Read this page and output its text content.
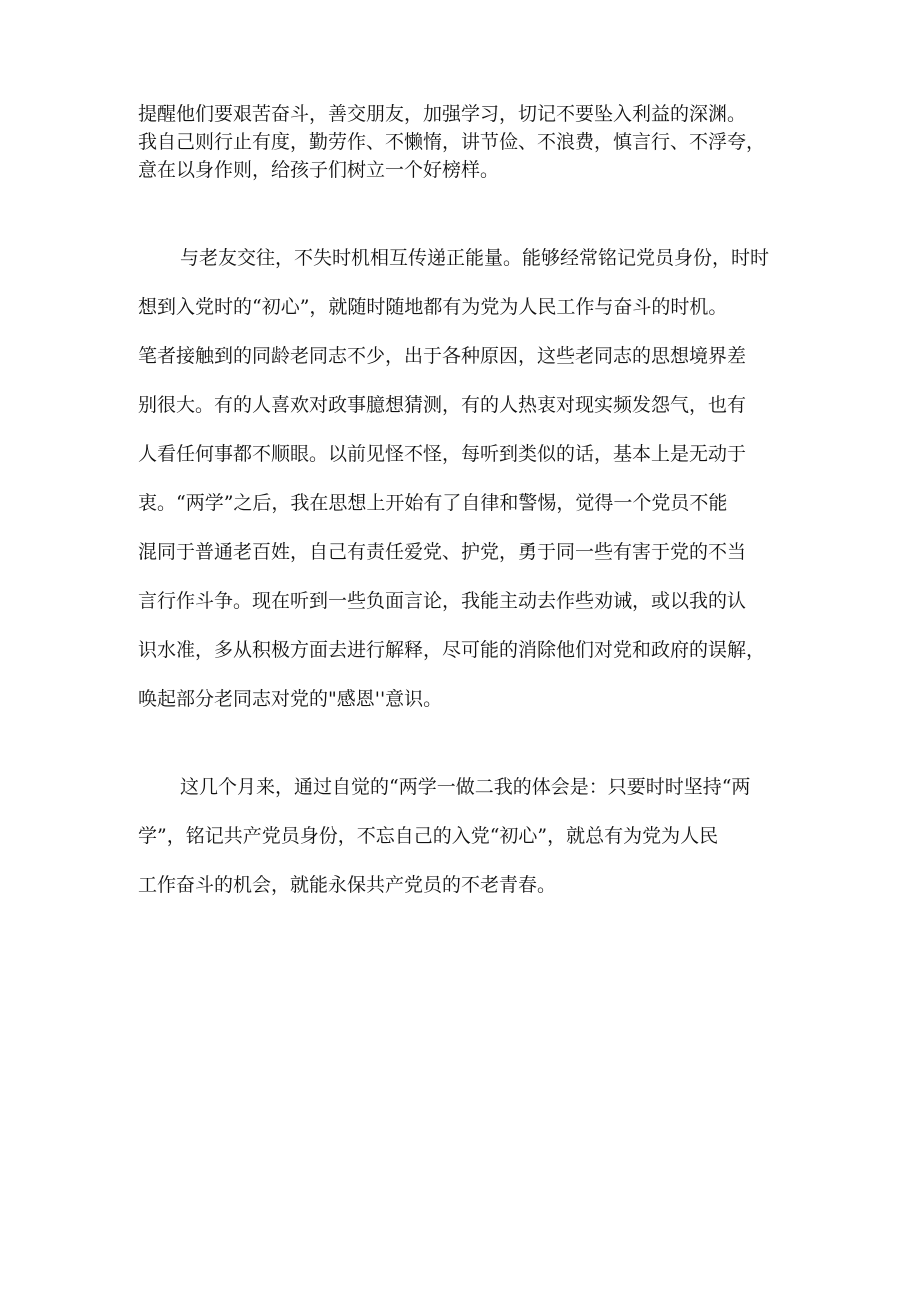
提醒他们要艰苦奋斗，善交朋友，加强学习，切记不要坠入利益的深渊。
我自己则行止有度，勤劳作、不懒惰，讲节俭、不浪费，慎言行、不浮夸，
意在以身作则，给孩子们树立一个好榜样。
与老友交往，不失时机相互传递正能量。能够经常铭记党员身份，时时
想到入党时的“初心”，就随时随地都有为党为人民工作与奋斗的时机。
笔者接触到的同龄老同志不少，出于各种原因，这些老同志的思想境界差
别很大。有的人喜欢对政事臆想猜测，有的人热衷对现实频发怨气，也有
人看任何事都不顺眼。以前见怪不怪，每听到类似的话，基本上是无动于
衷。“两学”之后，我在思想上开始有了自律和警惕，觉得一个党员不能
混同于普通老百姓，自己有责任爱党、护党，勇于同一些有害于党的不当
言行作斗争。现在听到一些负面言论，我能主动去作些劝诫，或以我的认
识水准，多从积极方面去进行解释，尽可能的消除他们对党和政府的误解，
唤起部分老同志对党的"感恩''意识。
这几个月来，通过自觉的“两学一做二我的体会是：只要时时坚持“两
学”，铭记共产党员身份，不忘自己的入党“初心”，就总有为党为人民
工作奋斗的机会，就能永保共产党员的不老青春。
